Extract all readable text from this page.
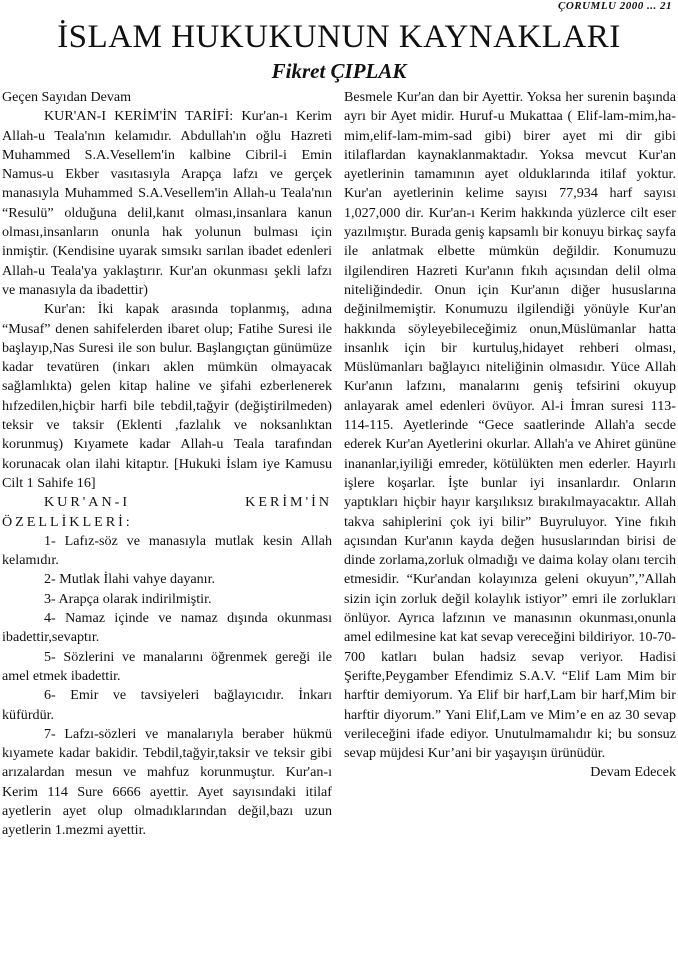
ÇORUMLU 2000 ... 21
İSLAM HUKUKUNUN KAYNAKLARI
Fikret ÇIPLAK

Geçen Sayıdan Devam

KUR'AN-I KERİM'İN TARİFİ: Kur'an-ı Kerim Allah-u Teala'nın kelamıdır. Abdullah'ın oğlu Hazreti Muhammed S.A.Vesellem'in kalbine Cibril-i Emin Namus-u Ekber vasıtasıyla Arapça lafzı ve gerçek manasıyla Muhammed S.A.Vesellem'in Allah-u Teala'nın “Resulü” olduğuna delil,kanıt olması,insanlara kanun olması,insanların onunla hak yolunun bulması için inmiştir. (Kendisine uyarak sımsıkı sarılan ibadet edenleri Allah-u Teala'ya yaklaştırır. Kur'an okunması şekli lafzı ve manasıyla da ibadettir)

Kur'an: İki kapak arasında toplanmış, adına “Musaf” denen sahifelerden ibaret olup; Fatihe Suresi ile başlayıp,Nas Suresi ile son bulur. Başlangıçtan günümüze kadar tevatüren (inkarı aklen mümkün olmayacak sağlamlıkta) gelen kitap haline ve şifahi ezberlenerek hıfzedilen,hiçbir harfi bile tebdil,tağyir (değiştirilmeden) teksir ve taksir (Eklenti ,fazlalık ve noksanlıktan korunmuş) Kıyamete kadar Allah-u Teala tarafından korunacak olan ilahi kitaptır. [Hukuki İslam iye Kamusu Cilt 1 Sahife 16]

KUR'AN-I KERİM'İN ÖZELLİKLERİ:

1- Lafız-söz ve manasıyla mutlak kesin Allah kelamıdır.

2- Mutlak İlahi vahye dayanır.

3- Arapça olarak indirilmiştir.

4- Namaz içinde ve namaz dışında okunması ibadettir,sevaptır.

5- Sözlerini ve manalarını öğrenmek gereği ile amel etmek ibadettir.

6- Emir ve tavsiyeleri bağlayıcıdır. İnkarı küfürdür.

7- Lafzı-sözleri ve manalarıyla beraber hükmü kıyamete kadar bakidir. Tebdil,tağyir,taksir ve teksir gibi arızalardan mesun ve mahfuz korunmuştur. Kur'an-ı Kerim 114 Sure 6666 ayettir. Ayet sayısındaki itilaf ayetlerin ayet olup olmadıklarından değil,bazı uzun ayetlerin 1.mezmi ayettir.

Besmele Kur'an dan bir Ayettir. Yoksa her surenin başında ayrı bir Ayet midir. Huruf-u Mukattaa ( Elif-lam-mim,ha-mim,elif-lam-mim-sad gibi) birer ayet mi dir gibi itilaflardan kaynaklanmaktadır. Yoksa mevcut Kur'an ayetlerinin tamamının ayet olduklarında itilaf yoktur. Kur'an ayetlerinin kelime sayısı 77,934 harf sayısı 1,027,000 dir. Kur'an-ı Kerim hakkında yüzlerce cilt eser yazılmıştır. Burada geniş kapsamlı bir konuyu birkaç sayfa ile anlatmak elbette mümkün değildir. Konumuzu ilgilendiren Hazreti Kur'anın fıkıh açısından delil olma niteliğindedir. Onun için Kur'anın diğer hususlarına değinilmemiştir. Konumuzu ilgilendiği yönüyle Kur'an hakkında söyleyebileceğimiz onun,Müslümanlar hatta insanlık için bir kurtuluş,hidayet rehberi olması, Müslümanları bağlayıcı niteliğinin olmasıdır. Yüce Allah Kur'anın lafzını, manalarını geniş tefsirini okuyup anlayarak amel edenleri övüyor. Al-i İmran suresi 113-114-115. Ayetlerinde “Gece saatlerinde Allah'a secde ederek Kur'an Ayetlerini okurlar. Allah'a ve Ahiret gününe inananlar,iyiliği emreder, kötülükten men ederler. Hayırlı işlere koşarlar. İşte bunlar iyi insanlardır. Onların yaptıkları hiçbir hayır karşılıksız bırakılmayacaktır. Allah takva sahiplerini çok iyi bilir” Buyruluyor. Yine fıkıh açısından Kur'anın kayda değen hususlarından birisi de dinde zorlama,zorluk olmadığı ve daima kolay olanı tercih etmesidir. “Kur'andan kolayınıza geleni okuyun”,”Allah sizin için zorluk değil kolaylık istiyor” emri ile zorlukları önlüyor. Ayrıca lafzının ve manasının okunması,onunla amel edilmesine kat kat sevap vereceğini bildiriyor. 10-70-700 katları bulan hadsiz sevap veriyor. Hadisi Şerifte,Peygamber Efendimiz S.A.V. “Elif Lam Mim bir harftir demiyorum. Ya Elif bir harf,Lam bir harf,Mim bir harftir diyorum.” Yani Elif,Lam ve Mim’e en az 30 sevap verileceğini ifade ediyor. Unutulmamalıdır ki; bu sonsuz sevap müjdesi Kur’ani bir yaşayışın ürünüdür.

Devam Edecek
